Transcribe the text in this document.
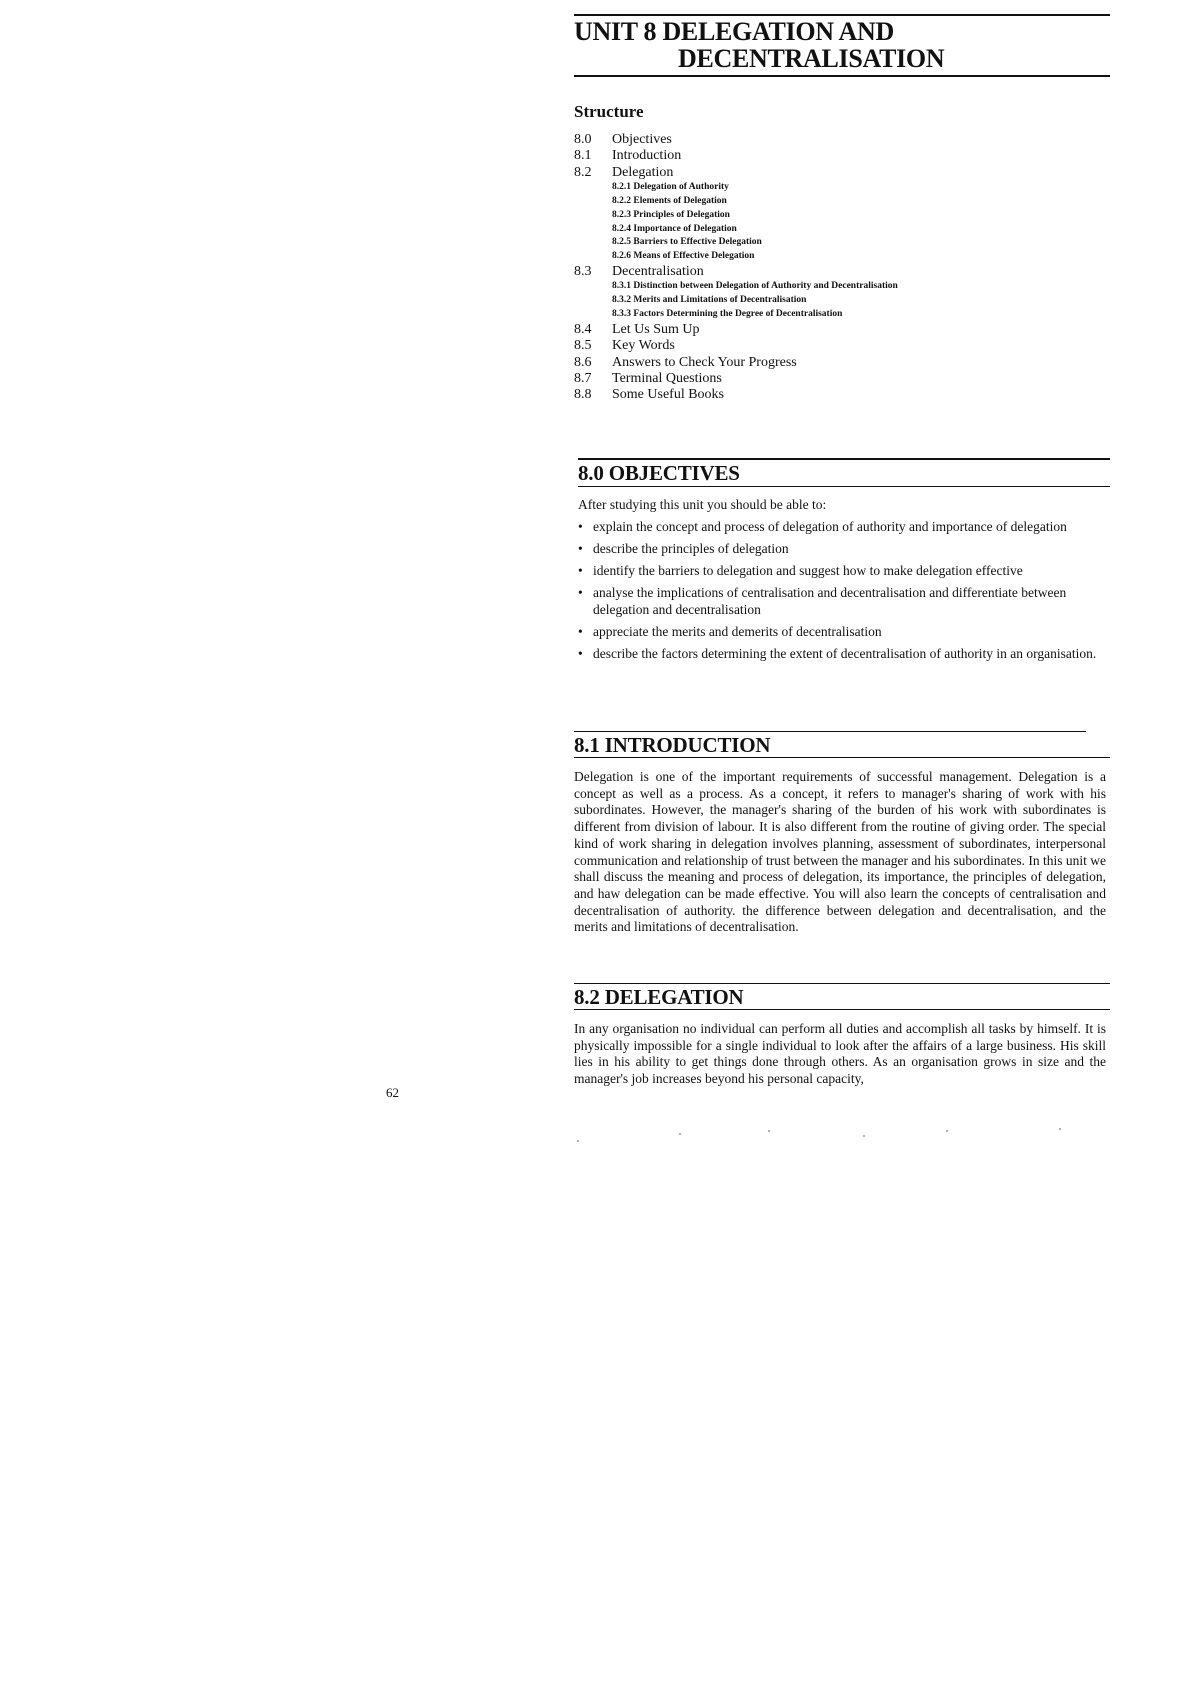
UNIT 8 DELEGATION AND
DECENTRALISATION
Structure
8.0	Objectives
8.1	Introduction
8.2	Delegation
8.2.1 Delegation of Authority
8.2.2 Elements of Delegation
8.2.3 Principles of Delegation
8.2.4 Importance of Delegation
8.2.5 Barriers to Effective Delegation
8.2.6 Means of Effective Delegation
8.3	Decentralisation
8.3.1 Distinction between Delegation of Authority and Decentralisation
8.3.2 Merits and Limitations of Decentralisation
8.3.3 Factors Determining the Degree of Decentralisation
8.4	Let Us Sum Up
8.5	Key Words
8.6	Answers to Check Your Progress
8.7	Terminal Questions
8.8	Some Useful Books
8.0 OBJECTIVES
After studying this unit you should be able to:
• explain the concept and process of delegation of authority and importance of delegation
• describe the principles of delegation
• identify the barriers to delegation and suggest how to make delegation effective
• analyse the implications of centralisation and decentralisation and differentiate between delegation and decentralisation
• appreciate the merits and demerits of decentralisation
• describe the factors determining the extent of decentralisation of authority in an organisation.
8.1 INTRODUCTION
Delegation is one of the important requirements of successful management. Delegation is a concept as well as a process. As a concept, it refers to manager's sharing of work with his subordinates. However, the manager's sharing of the burden of his work with subordinates is different from division of labour. It is also different from the routine of giving order. The special kind of work sharing in delegation involves planning, assessment of subordinates, interpersonal communication and relationship of trust between the manager and his subordinates. In this unit we shall discuss the meaning and process of delegation, its importance, the principles of delegation, and haw delegation can be made effective. You will also learn the concepts of centralisation and decentralisation of authority. the difference between delegation and decentralisation, and the merits and limitations of decentralisation.
8.2 DELEGATION
In any organisation no individual can perform all duties and accomplish all tasks by himself. It is physically impossible for a single individual to look after the affairs of a large business. His skill lies in his ability to get things done through others. As an organisation grows in size and the manager's job increases beyond his personal capacity,
62
